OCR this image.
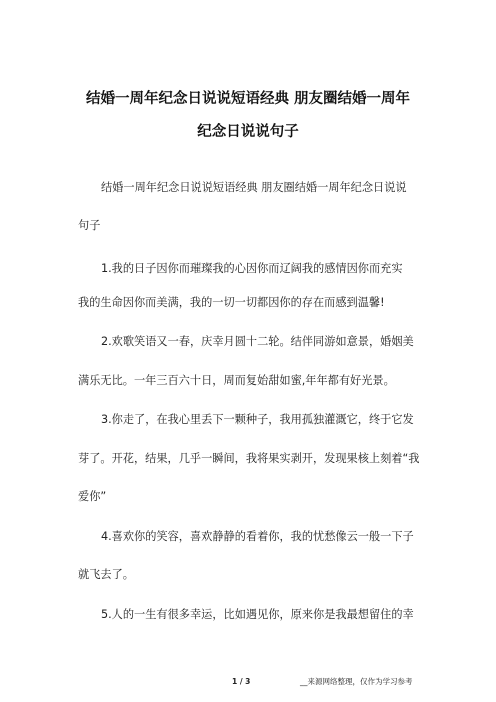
结婚一周年纪念日说说短语经典 朋友圈结婚一周年
纪念日说说句子
结婚一周年纪念日说说短语经典 朋友圈结婚一周年纪念日说说
句子
1.我的日子因你而璀璨我的心因你而辽阔我的感情因你而充实
我的生命因你而美满，我的一切一切都因你的存在而感到温馨!
2.欢歌笑语又一春，庆幸月圆十二轮。结伴同游如意景，婚姻美
满乐无比。一年三百六十日，周而复始甜如蜜,年年都有好光景。
3.你走了，在我心里丢下一颗种子，我用孤独灌溉它，终于它发
芽了。开花，结果，几乎一瞬间，我将果实剥开，发现果核上刻着“我
爱你”
4.喜欢你的笑容，喜欢静静的看着你，我的忧愁像云一般一下子
就飞去了。
5.人的一生有很多幸运，比如遇见你，原来你是我最想留住的幸
1 / 3	__来源网络整理，仅作为学习参考
